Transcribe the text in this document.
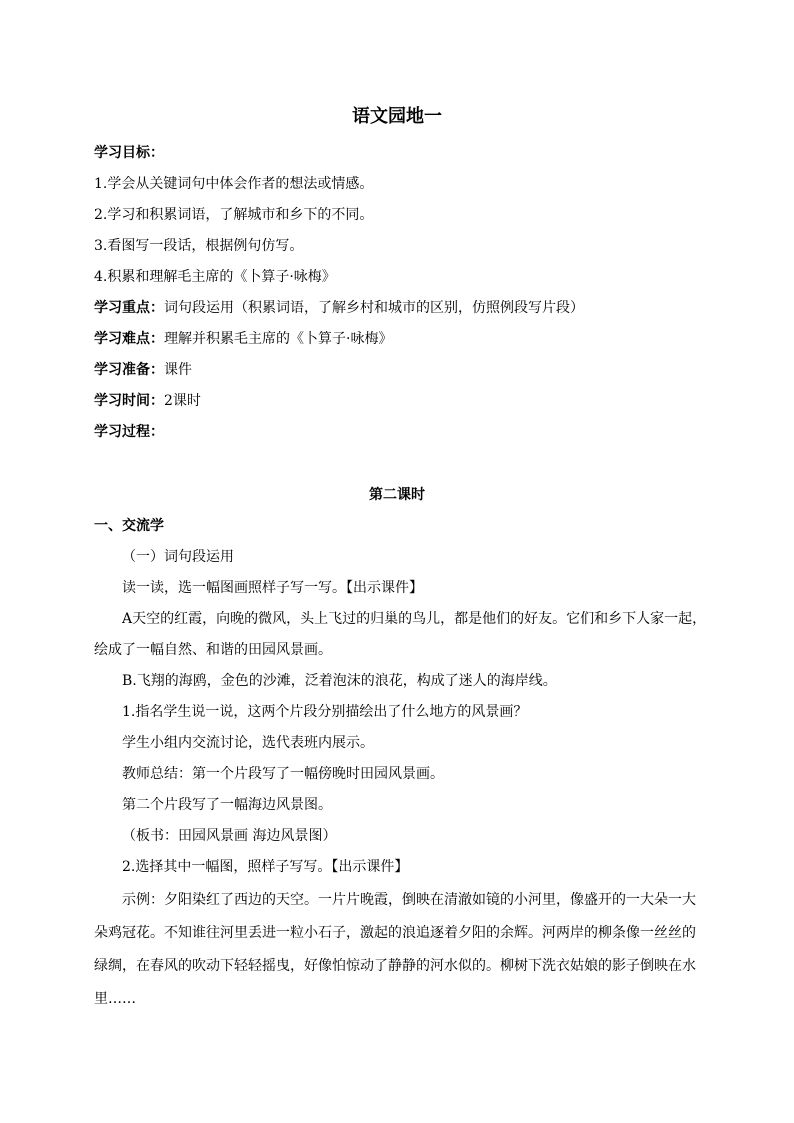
语文园地一
学习目标：
1.学会从关键词句中体会作者的想法或情感。
2.学习和积累词语，了解城市和乡下的不同。
3.看图写一段话，根据例句仿写。
4.积累和理解毛主席的《卜算子·咏梅》
学习重点：词句段运用（积累词语，了解乡村和城市的区别，仿照例段写片段）
学习难点：理解并积累毛主席的《卜算子·咏梅》
学习准备：课件
学习时间：2课时
学习过程：
第二课时
一、交流学
（一）词句段运用
读一读，选一幅图画照样子写一写。【出示课件】
A天空的红霞，向晚的微风，头上飞过的归巢的鸟儿，都是他们的好友。它们和乡下人家一起，
绘成了一幅自然、和谐的田园风景画。
B.飞翔的海鸥，金色的沙滩，泛着泡沫的浪花，构成了迷人的海岸线。
1.指名学生说一说，这两个片段分别描绘出了什么地方的风景画？
学生小组内交流讨论，选代表班内展示。
教师总结：第一个片段写了一幅傍晚时田园风景画。
第二个片段写了一幅海边风景图。
（板书：田园风景画 海边风景图）
2.选择其中一幅图，照样子写写。【出示课件】
示例：夕阳染红了西边的天空。一片片晚霞，倒映在清澈如镜的小河里，像盛开的一大朵一大
朵鸡冠花。不知谁往河里丢进一粒小石子，激起的浪追逐着夕阳的余辉。河两岸的柳条像一丝丝的
绿绸，在春风的吹动下轻轻摇曳，好像怕惊动了静静的河水似的。柳树下洗衣姑娘的影子倒映在水
里……
